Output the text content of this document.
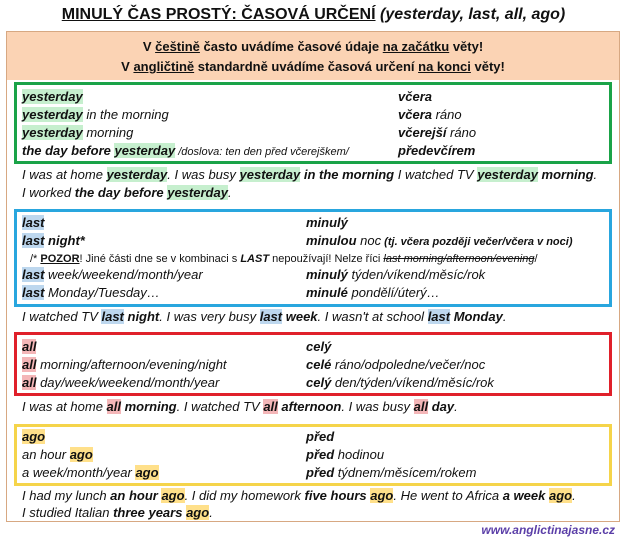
MINULÝ ČAS PROSTÝ: ČASOVÁ URČENÍ (yesterday, last, all, ago)
V češtině často uvádíme časové údaje na začátku věty!
V angličtině standardně uvádíme časová určení na konci věty!
yesterday	včera
yesterday in the morning	včera ráno
yesterday morning	včerejší ráno
the day before yesterday /doslova: ten den před včerejškem/	předevčírem
I was at home yesterday. I was busy yesterday in the morning I watched TV yesterday morning.
I worked the day before yesterday.
last	minulý
last night*	minulou noc (tj. včera později večer/včera v noci)
/* POZOR! Jiné části dne se v kombinaci s LAST nepoužívají! Nelze říci last morning/afternoon/evening/
last week/weekend/month/year	minulý týden/víkend/měsíc/rok
last Monday/Tuesday…	minulé pondělí/úterý…
I watched TV last night. I was very busy last week. I wasn't at school last Monday.
all	celý
all morning/afternoon/evening/night	celé ráno/odpoledne/večer/noc
all day/week/weekend/month/year	celý den/týden/víkend/měsíc/rok
I was at home all morning. I watched TV all afternoon. I was busy all day.
ago	před
an hour ago	před hodinou
a week/month/year ago	před týdnem/měsícem/rokem
I had my lunch an hour ago. I did my homework five hours ago. He went to Africa a week ago.
I studied Italian three years ago.
www.anglictinajasne.cz
